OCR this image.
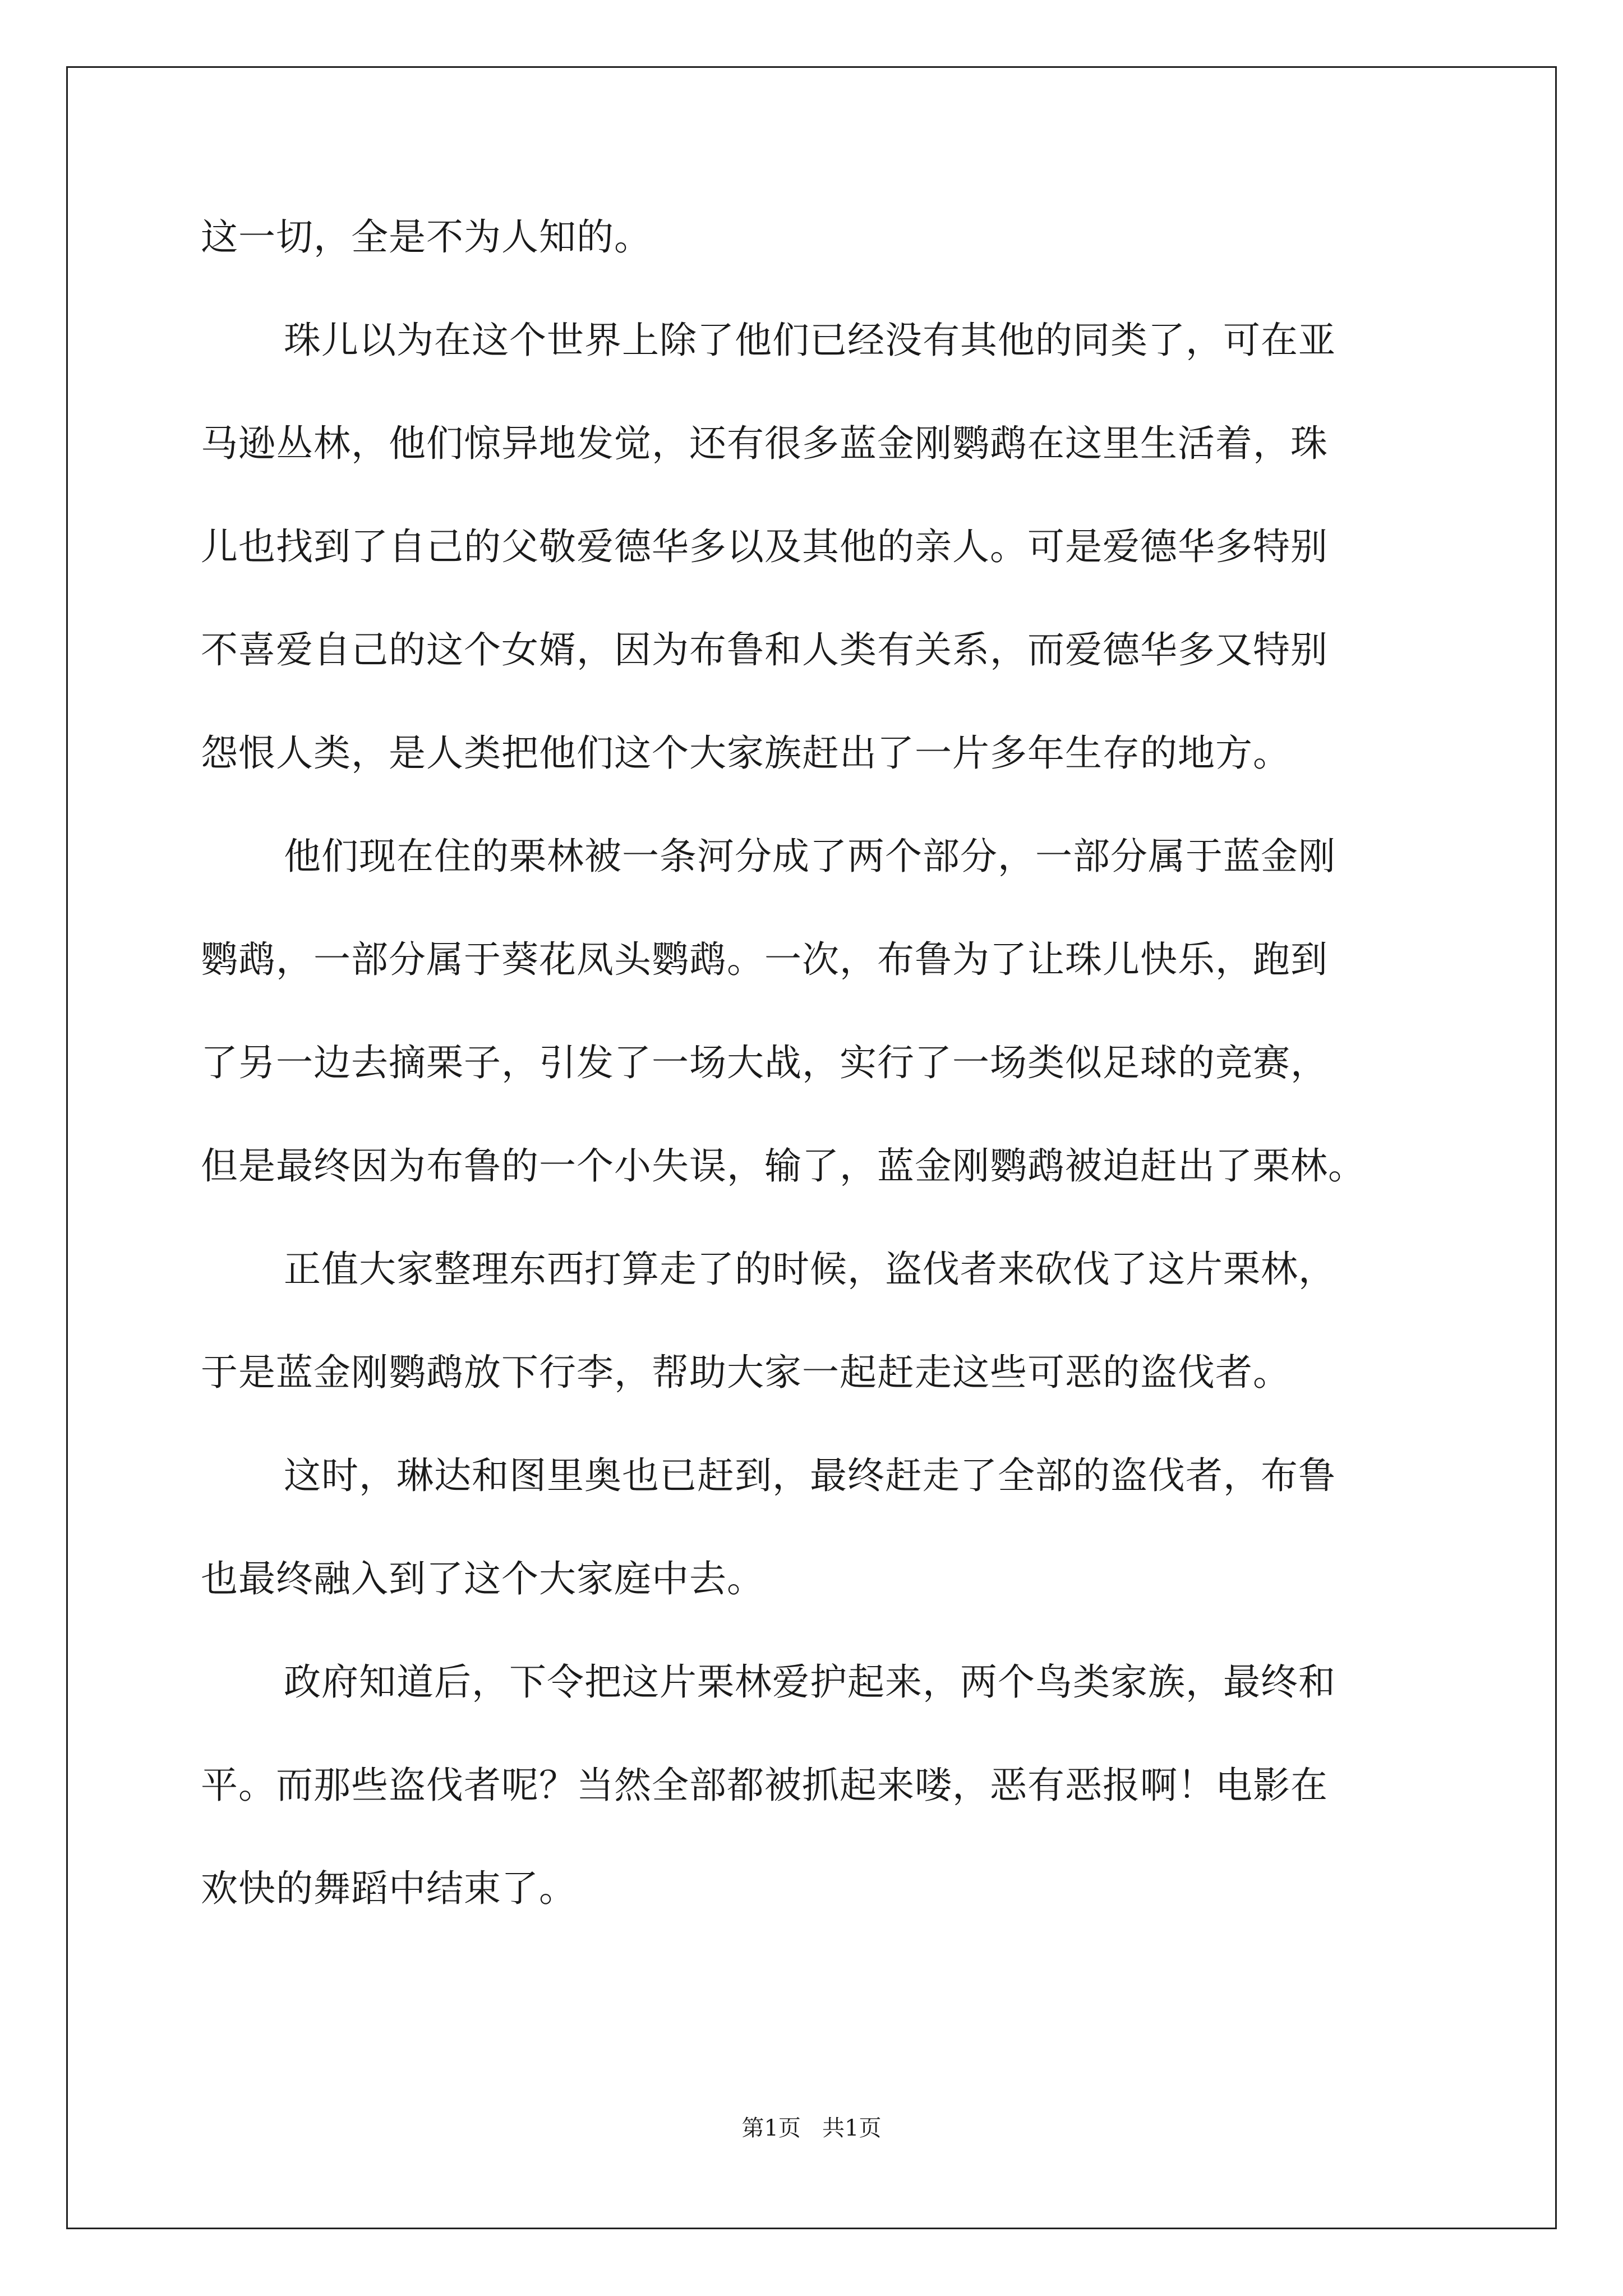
这一切，全是不为人知的。
珠儿以为在这个世界上除了他们已经没有其他的同类了，可在亚
马逊丛林，他们惊异地发觉，还有很多蓝金刚鹦鹉在这里生活着，珠
儿也找到了自己的父敬爱德华多以及其他的亲人。可是爱德华多特别
不喜爱自己的这个女婿，因为布鲁和人类有关系，而爱德华多又特别
怨恨人类，是人类把他们这个大家族赶出了一片多年生存的地方。
他们现在住的栗林被一条河分成了两个部分，一部分属于蓝金刚
鹦鹉，一部分属于葵花凤头鹦鹉。一次，布鲁为了让珠儿快乐，跑到
了另一边去摘栗子，引发了一场大战，实行了一场类似足球的竞赛，
但是最终因为布鲁的一个小失误，输了，蓝金刚鹦鹉被迫赶出了栗林。
正值大家整理东西打算走了的时候，盗伐者来砍伐了这片栗林，
于是蓝金刚鹦鹉放下行李，帮助大家一起赶走这些可恶的盗伐者。
这时，琳达和图里奥也已赶到，最终赶走了全部的盗伐者，布鲁
也最终融入到了这个大家庭中去。
政府知道后，下令把这片栗林爱护起来，两个鸟类家族，最终和
平。而那些盗伐者呢？当然全部都被抓起来喽，恶有恶报啊！电影在
欢快的舞蹈中结束了。
第1页   共1页
